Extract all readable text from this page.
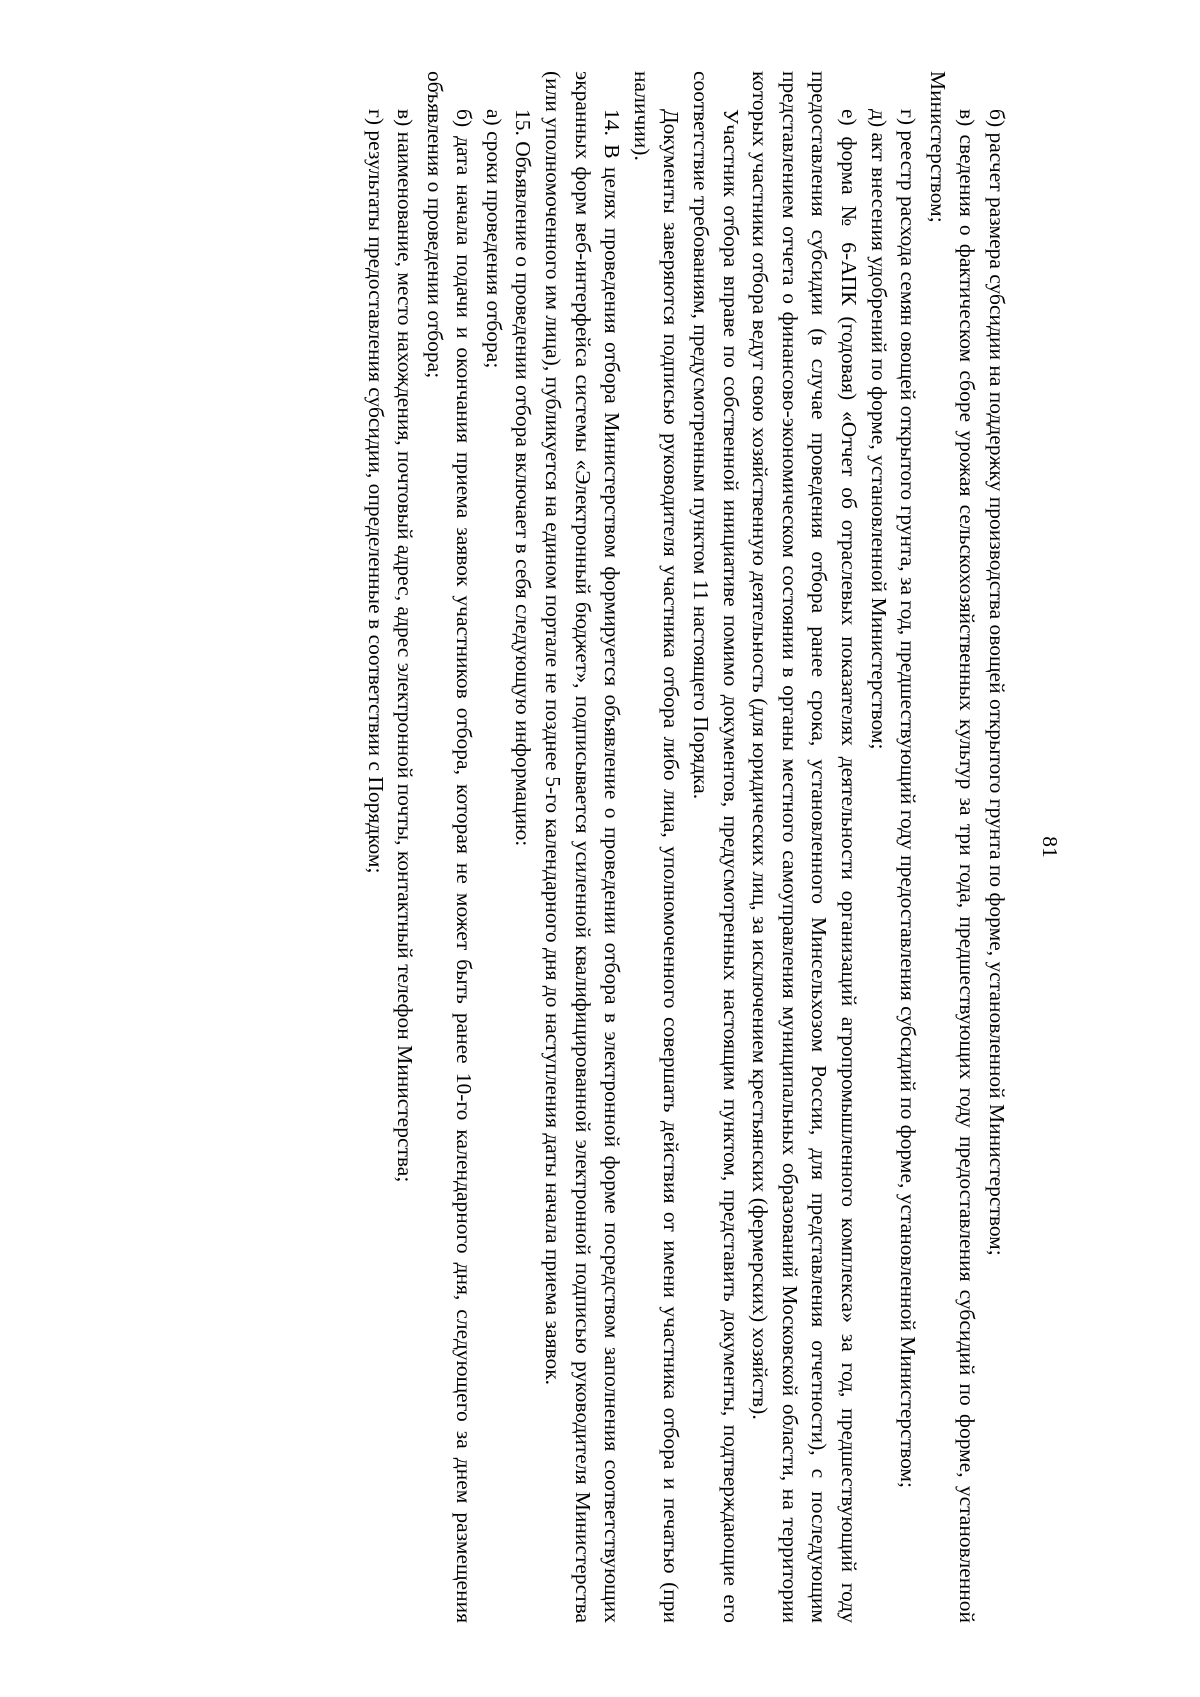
81

б) расчет размера субсидии на поддержку производства овощей открытого грунта по форме, установленной Министерством;

в) сведения о фактическом сборе урожая сельскохозяйственных культур за три года, предшествующих году предоставления субсидий по форме, установленной Министерством;

г) реестр расхода семян овощей открытого грунта, за год, предшествующий году предоставления субсидий по форме, установленной Министерством;

д) акт внесения удобрений по форме, установленной Министерством;

е) форма № 6-АПК (годовая) «Отчет об отраслевых показателях деятельности организаций агропромышленного комплекса» за год, предшествующий году предоставления субсидии (в случае проведения отбора ранее срока, установленного Минсельхозом России, для представления отчетности), с последующим представлением отчета о финансово-экономическом состоянии в органы местного самоуправления муниципальных образований Московской области, на территории которых участники отбора ведут свою хозяйственную деятельность (для юридических лиц, за исключением крестьянских (фермерских) хозяйств).

Участник отбора вправе по собственной инициативе помимо документов, предусмотренных настоящим пунктом, представить документы, подтверждающие его соответствие требованиям, предусмотренным пунктом 11 настоящего Порядка.

Документы заверяются подписью руководителя участника отбора либо лица, уполномоченного совершать действия от имени участника отбора и печатью (при наличии).

14. В целях проведения отбора Министерством формируется объявление о проведении отбора в электронной форме посредством заполнения соответствующих экранных форм веб-интерфейса системы «Электронный бюджет», подписывается усиленной квалифицированной электронной подписью руководителя Министерства (или уполномоченного им лица), публикуется на едином портале не позднее 5-го календарного дня до наступления даты начала приема заявок.

15. Объявление о проведении отбора включает в себя следующую информацию:

а) сроки проведения отбора;

б) дата начала подачи и окончания приема заявок участников отбора, которая не может быть ранее 10-го календарного дня, следующего за днем размещения объявления о проведении отбора;

в) наименование, место нахождения, почтовый адрес, адрес электронной почты, контактный телефон Министерства;

г) результаты предоставления субсидии, определенные в соответствии с Порядком;
